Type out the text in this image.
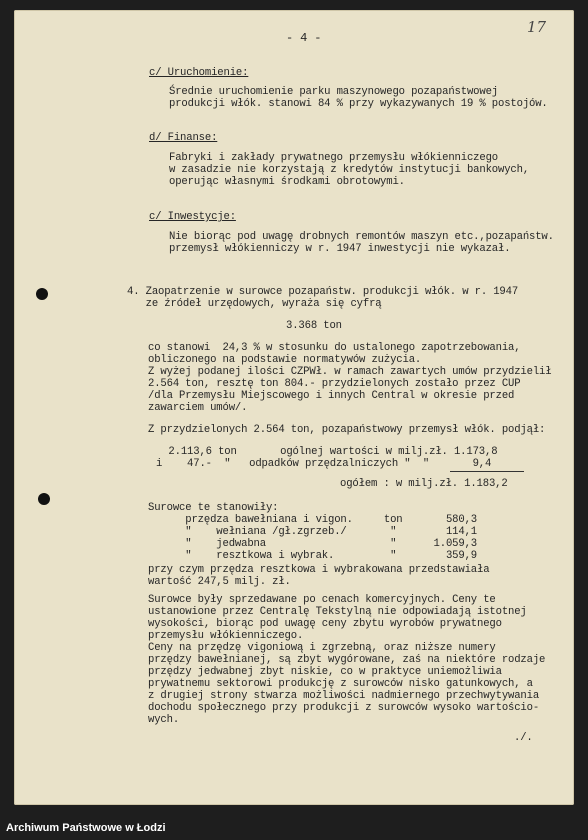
- 4 -
c/ Uruchomienie:
Średnie uruchomienie parku maszynowego pozapaństwowej
produkcji włók. stanowi 84 % przy wykazywanych 19 % postojów.
d/ Finanse:
Fabryki i zakłady prywatnego przemysłu włókienniczego
w zasadzie nie korzystają z kredytów instytucji bankowych,
operując własnymi środkami obrotowymi.
c/ Inwestycje:
Nie biorąc pod uwagę drobnych remontów maszyn etc.,pozapaństw.
przemysł włókienniczy w r. 1947 inwestycji nie wykazał.
4. Zaopatrzenie w surowce pozapaństw. produkcji włók. w r. 1947
ze źródeł urzędowych, wyraża się cyfrą
3.368 ton
co stanowi  24,3 % w stosunku do ustalonego zapotrzebowania,
obliczonego na podstawie normatywów zużycia.
Z wyżej podanej ilości CZPWł. w ramach zawartych umów przydzielił
2.564 ton, resztę ton 804.- przydzielonych zostało przez CUP
/dla Przemysłu Miejscowego i innych Central w okresie przed
zawarciem umów/.
Z przydzielonych 2.564 ton, pozapaństwowy przemysł włók. podjął:
2.113,6 ton       ogólnej wartości w milj.zł. 1.173,8
i    47.-  "   odpadków przędzalniczych "  "       9,4
ogółem : w milj.zł. 1.183,2
Surowce te stanowiły:
przędza bawełniana i vigon.     ton       580,3
"    wełniana /gł.zgrzeb./       "        114,1
"    jedwabna                    "      1.059,3
"    resztkowa i wybrak.         "        359,9
przy czym przędza resztkowa i wybrakowana przedstawiała
wartość 247,5 milj. zł.
Surowce były sprzedawane po cenach komercyjnych. Ceny te
ustanowione przez Centralę Tekstylną nie odpowiadają istotnej
wysokości, biorąc pod uwagę ceny zbytu wyrobów prywatnego
przemysłu włókienniczego.
Ceny na przędzę vigoniową i zgrzebną, oraz niższe numery
przędzy bawełnianej, są zbyt wygórowane, zaś na niektóre rodzaje
przędzy jedwabnej zbyt niskie, co w praktyce uniemożliwia
prywatnemu sektorowi produkcję z surowców nisko gatunkowych, a
z drugiej strony stwarza możliwości nadmiernego przechwytywania
dochodu społecznego przy produkcji z surowców wysoko wartościo-
wych.
./.
17
Archiwum Państwowe w Łodzi
